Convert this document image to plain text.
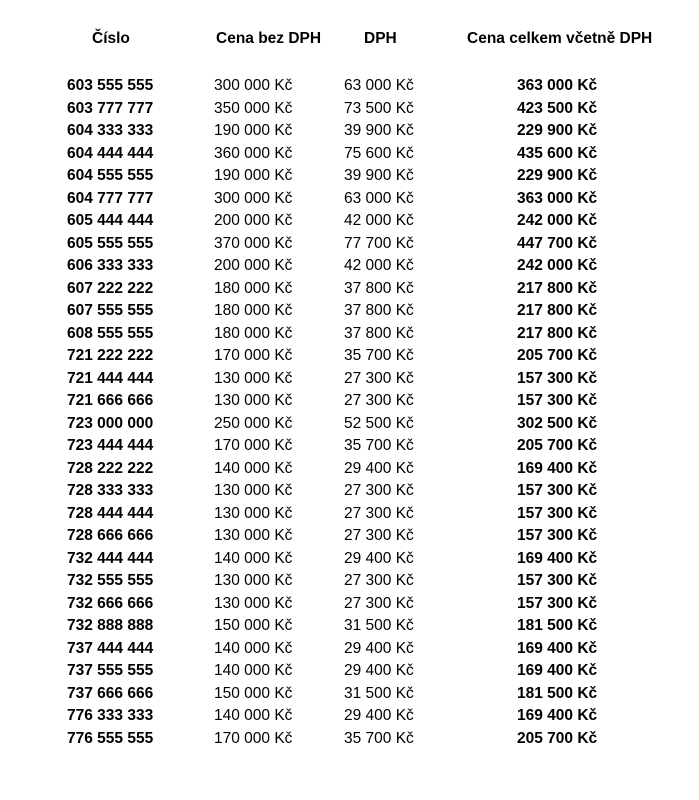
Číslo	Cena bez DPH	DPH	Cena celkem včetně DPH
603 555 555	300 000 Kč	63 000 Kč	363 000 Kč
603 777 777	350 000 Kč	73 500 Kč	423 500 Kč
604 333 333	190 000 Kč	39 900 Kč	229 900 Kč
604 444 444	360 000 Kč	75 600 Kč	435 600 Kč
604 555 555	190 000 Kč	39 900 Kč	229 900 Kč
604 777 777	300 000 Kč	63 000 Kč	363 000 Kč
605 444 444	200 000 Kč	42 000 Kč	242 000 Kč
605 555 555	370 000 Kč	77 700 Kč	447 700 Kč
606 333 333	200 000 Kč	42 000 Kč	242 000 Kč
607 222 222	180 000 Kč	37 800 Kč	217 800 Kč
607 555 555	180 000 Kč	37 800 Kč	217 800 Kč
608 555 555	180 000 Kč	37 800 Kč	217 800 Kč
721 222 222	170 000 Kč	35 700 Kč	205 700 Kč
721 444 444	130 000 Kč	27 300 Kč	157 300 Kč
721 666 666	130 000 Kč	27 300 Kč	157 300 Kč
723 000 000	250 000 Kč	52 500 Kč	302 500 Kč
723 444 444	170 000 Kč	35 700 Kč	205 700 Kč
728 222 222	140 000 Kč	29 400 Kč	169 400 Kč
728 333 333	130 000 Kč	27 300 Kč	157 300 Kč
728 444 444	130 000 Kč	27 300 Kč	157 300 Kč
728 666 666	130 000 Kč	27 300 Kč	157 300 Kč
732 444 444	140 000 Kč	29 400 Kč	169 400 Kč
732 555 555	130 000 Kč	27 300 Kč	157 300 Kč
732 666 666	130 000 Kč	27 300 Kč	157 300 Kč
732 888 888	150 000 Kč	31 500 Kč	181 500 Kč
737 444 444	140 000 Kč	29 400 Kč	169 400 Kč
737 555 555	140 000 Kč	29 400 Kč	169 400 Kč
737 666 666	150 000 Kč	31 500 Kč	181 500 Kč
776 333 333	140 000 Kč	29 400 Kč	169 400 Kč
776 555 555	170 000 Kč	35 700 Kč	205 700 Kč
